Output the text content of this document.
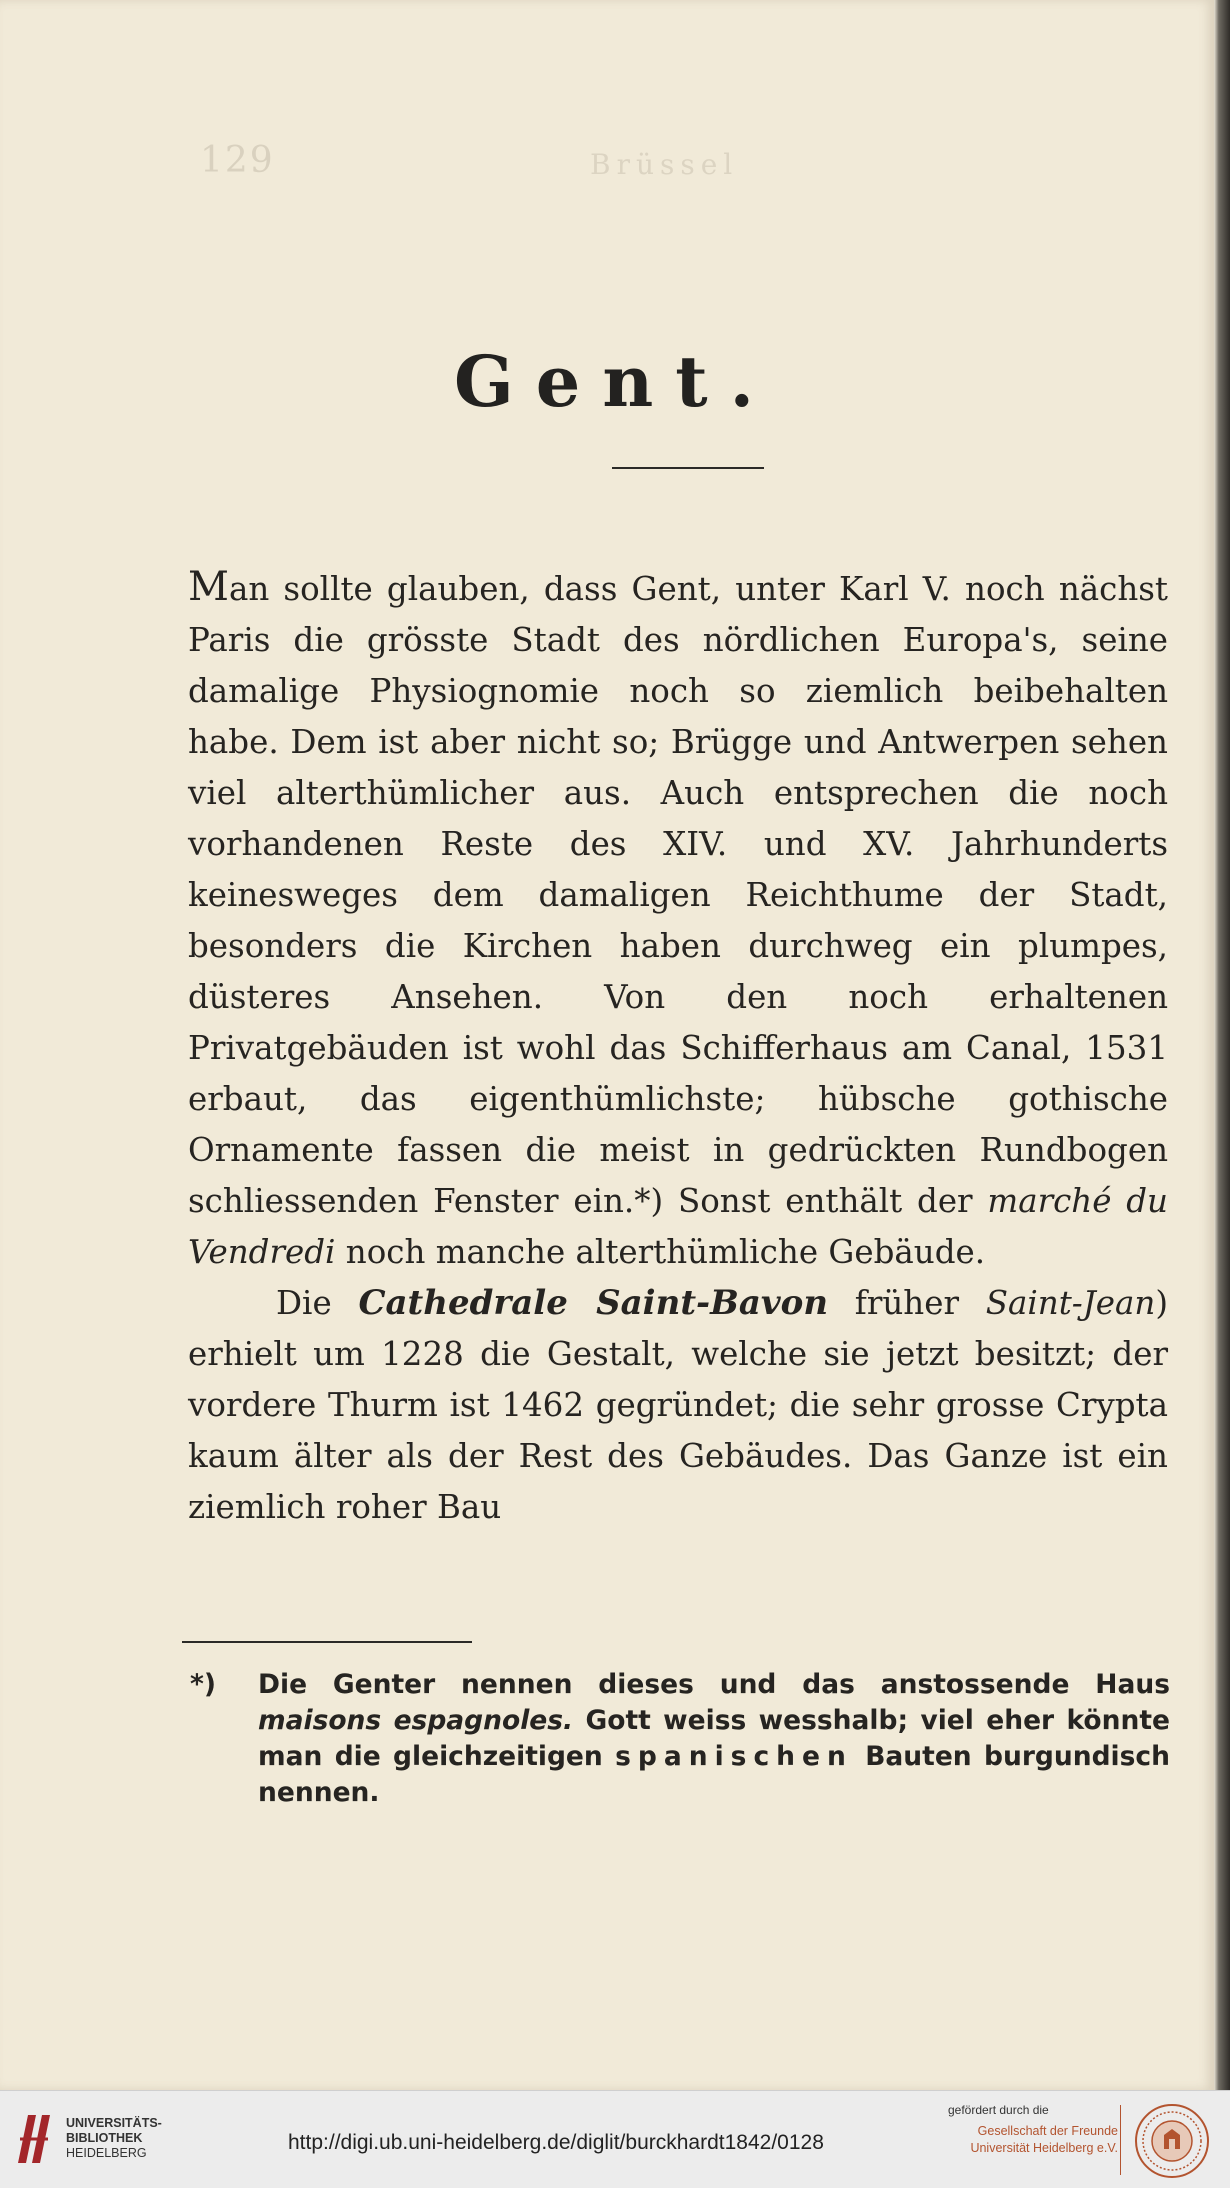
129	Brüssel
Gent.

Man sollte glauben, dass Gent, unter Karl V. noch nächst Paris die grösste Stadt des nördlichen Europa's, seine damalige Physiognomie noch so ziemlich beibehalten habe. Dem ist aber nicht so; Brügge und Antwerpen sehen viel alterthümlicher aus. Auch entsprechen die noch vorhandenen Reste des XIV. und XV. Jahrhunderts keinesweges dem damaligen Reichthume der Stadt, besonders die Kirchen haben durchweg ein plumpes, düsteres Ansehen. Von den noch erhaltenen Privatgebäuden ist wohl das Schifferhaus am Canal, 1531 erbaut, das eigenthümlichste; hübsche gothische Ornamente fassen die meist in gedrückten Rundbogen schliessenden Fenster ein.*) Sonst enthält der marché du Vendredi noch manche alterthümliche Gebäude.

Die Cathedrale Saint-Bavon früher Saint-Jean) erhielt um 1228 die Gestalt, welche sie jetzt besitzt; der vordere Thurm ist 1462 gegründet; die sehr grosse Crypta kaum älter als der Rest des Gebäudes. Das Ganze ist ein ziemlich roher Bau

*)	Die Genter nennen dieses und das anstossende Haus maisons espagnoles. Gott weiss wesshalb; viel eher könnte man die gleichzeitigen spanischen Bauten burgundisch nennen.

UNIVERSITÄTS-
BIBLIOTHEK
HEIDELBERG	http://digi.ub.uni-heidelberg.de/diglit/burckhardt1842/0128
gefördert durch die
Gesellschaft der Freunde
Universität Heidelberg e.V.
